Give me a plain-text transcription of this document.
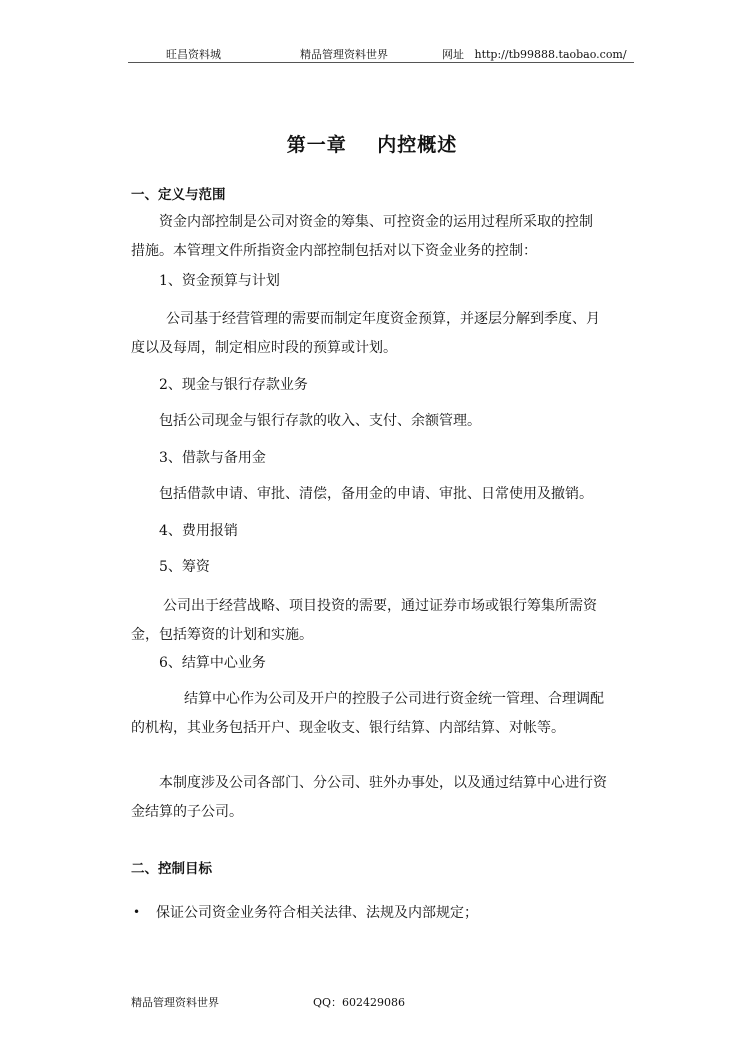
旺昌资料城	精品管理资料世界	网址   http://tb99888.taobao.com/
第一章    内控概述
一、定义与范围
资金内部控制是公司对资金的筹集、可控资金的运用过程所采取的控制
措施。本管理文件所指资金内部控制包括对以下资金业务的控制：
1、资金预算与计划
公司基于经营管理的需要而制定年度资金预算，并逐层分解到季度、月
度以及每周，制定相应时段的预算或计划。
2、现金与银行存款业务
包括公司现金与银行存款的收入、支付、余额管理。
3、借款与备用金
包括借款申请、审批、清偿，备用金的申请、审批、日常使用及撤销。
4、费用报销
5、筹资
公司出于经营战略、项目投资的需要，通过证券市场或银行筹集所需资
金，包括筹资的计划和实施。
6、结算中心业务
结算中心作为公司及开户的控股子公司进行资金统一管理、合理调配
的机构，其业务包括开户、现金收支、银行结算、内部结算、对帐等。
本制度涉及公司各部门、分公司、驻外办事处，以及通过结算中心进行资
金结算的子公司。
二、控制目标
• 保证公司资金业务符合相关法律、法规及内部规定；
精品管理资料世界	QQ：602429086
